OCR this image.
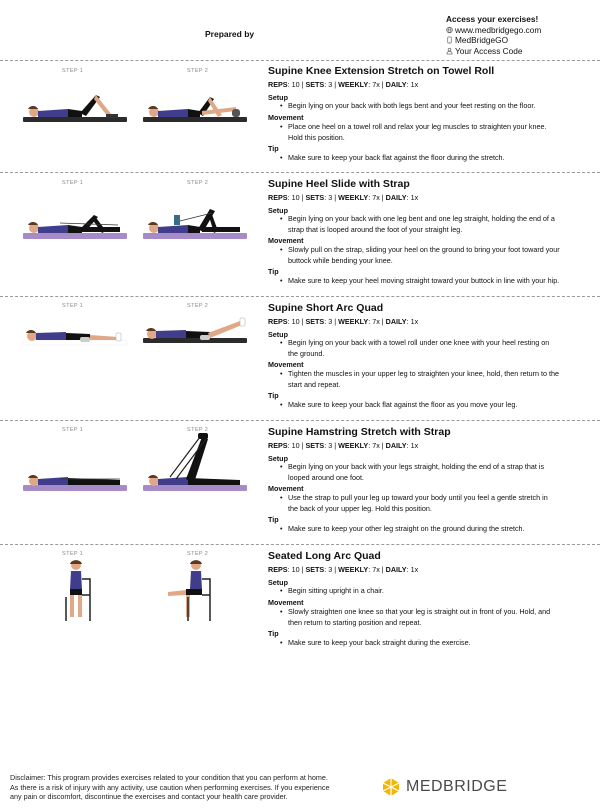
Prepared by
Access your exercises!
www.medbridgego.com
MedBridgeGO
Your Access Code
STEP 1	STEP 2	Supine Knee Extension Stretch on Towel Roll
REPS: 10 | SETS: 3 | WEEKLY: 7x | DAILY: 1x
Setup
• Begin lying on your back with both legs bent and your feet resting on the floor.
Movement
• Place one heel on a towel roll and relax your leg muscles to straighten your knee.
Hold this position.
Tip
• Make sure to keep your back flat against the floor during the stretch.
STEP 1	STEP 2	Supine Heel Slide with Strap
REPS: 10 | SETS: 3 | WEEKLY: 7x | DAILY: 1x
Setup
• Begin lying on your back with one leg bent and one leg straight, holding the end of a
strap that is looped around the foot of your straight leg.
Movement
• Slowly pull on the strap, sliding your heel on the ground to bring your foot toward your
buttock while bending your knee.
Tip
• Make sure to keep your heel moving straight toward your buttock in line with your hip.
STEP 1	STEP 2	Supine Short Arc Quad
REPS: 10 | SETS: 3 | WEEKLY: 7x | DAILY: 1x
Setup
• Begin lying on your back with a towel roll under one knee with your heel resting on
the ground.
Movement
• Tighten the muscles in your upper leg to straighten your knee, hold, then return to the
start and repeat.
Tip
• Make sure to keep your back flat against the floor as you move your leg.
STEP 1	STEP 2	Supine Hamstring Stretch with Strap
REPS: 10 | SETS: 3 | WEEKLY: 7x | DAILY: 1x
Setup
• Begin lying on your back with your legs straight, holding the end of a strap that is
looped around one foot.
Movement
• Use the strap to pull your leg up toward your body until you feel a gentle stretch in
the back of your upper leg. Hold this position.
Tip
• Make sure to keep your other leg straight on the ground during the stretch.
STEP 1	STEP 2	Seated Long Arc Quad
REPS: 10 | SETS: 3 | WEEKLY: 7x | DAILY: 1x
Setup
• Begin sitting upright in a chair.
Movement
• Slowly straighten one knee so that your leg is straight out in front of you. Hold, and
then return to starting position and repeat.
Tip
• Make sure to keep your back straight during the exercise.
Disclaimer: This program provides exercises related to your condition that you can perform at home.
As there is a risk of injury with any activity, use caution when performing exercises. If you experience
any pain or discomfort, discontinue the exercises and contact your health care provider.
MEDBRIDGE
